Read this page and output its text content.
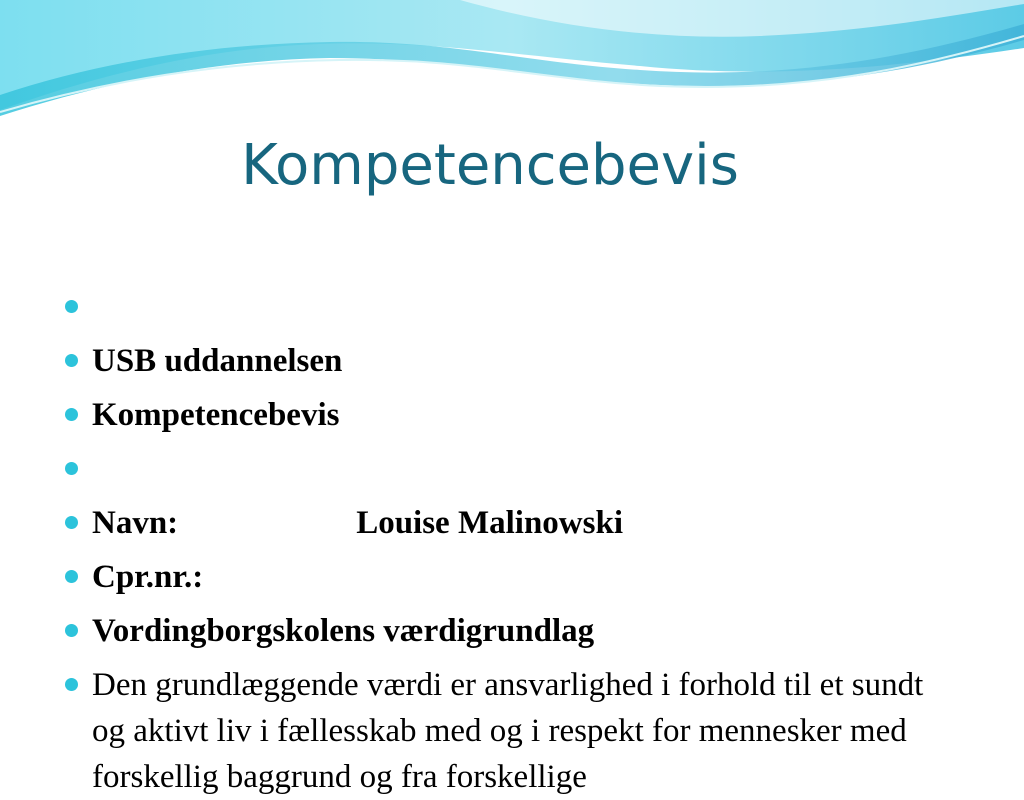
Kompetencebevis
USB uddannelsen
Kompetencebevis
Navn:	Louise Malinowski
Cpr.nr.:
Vordingborgskolens værdigrundlag
Den grundlæggende værdi er ansvarlighed i forhold til et sundt og aktivt liv i fællesskab med og i respekt for mennesker med forskellig baggrund og fra forskellige
